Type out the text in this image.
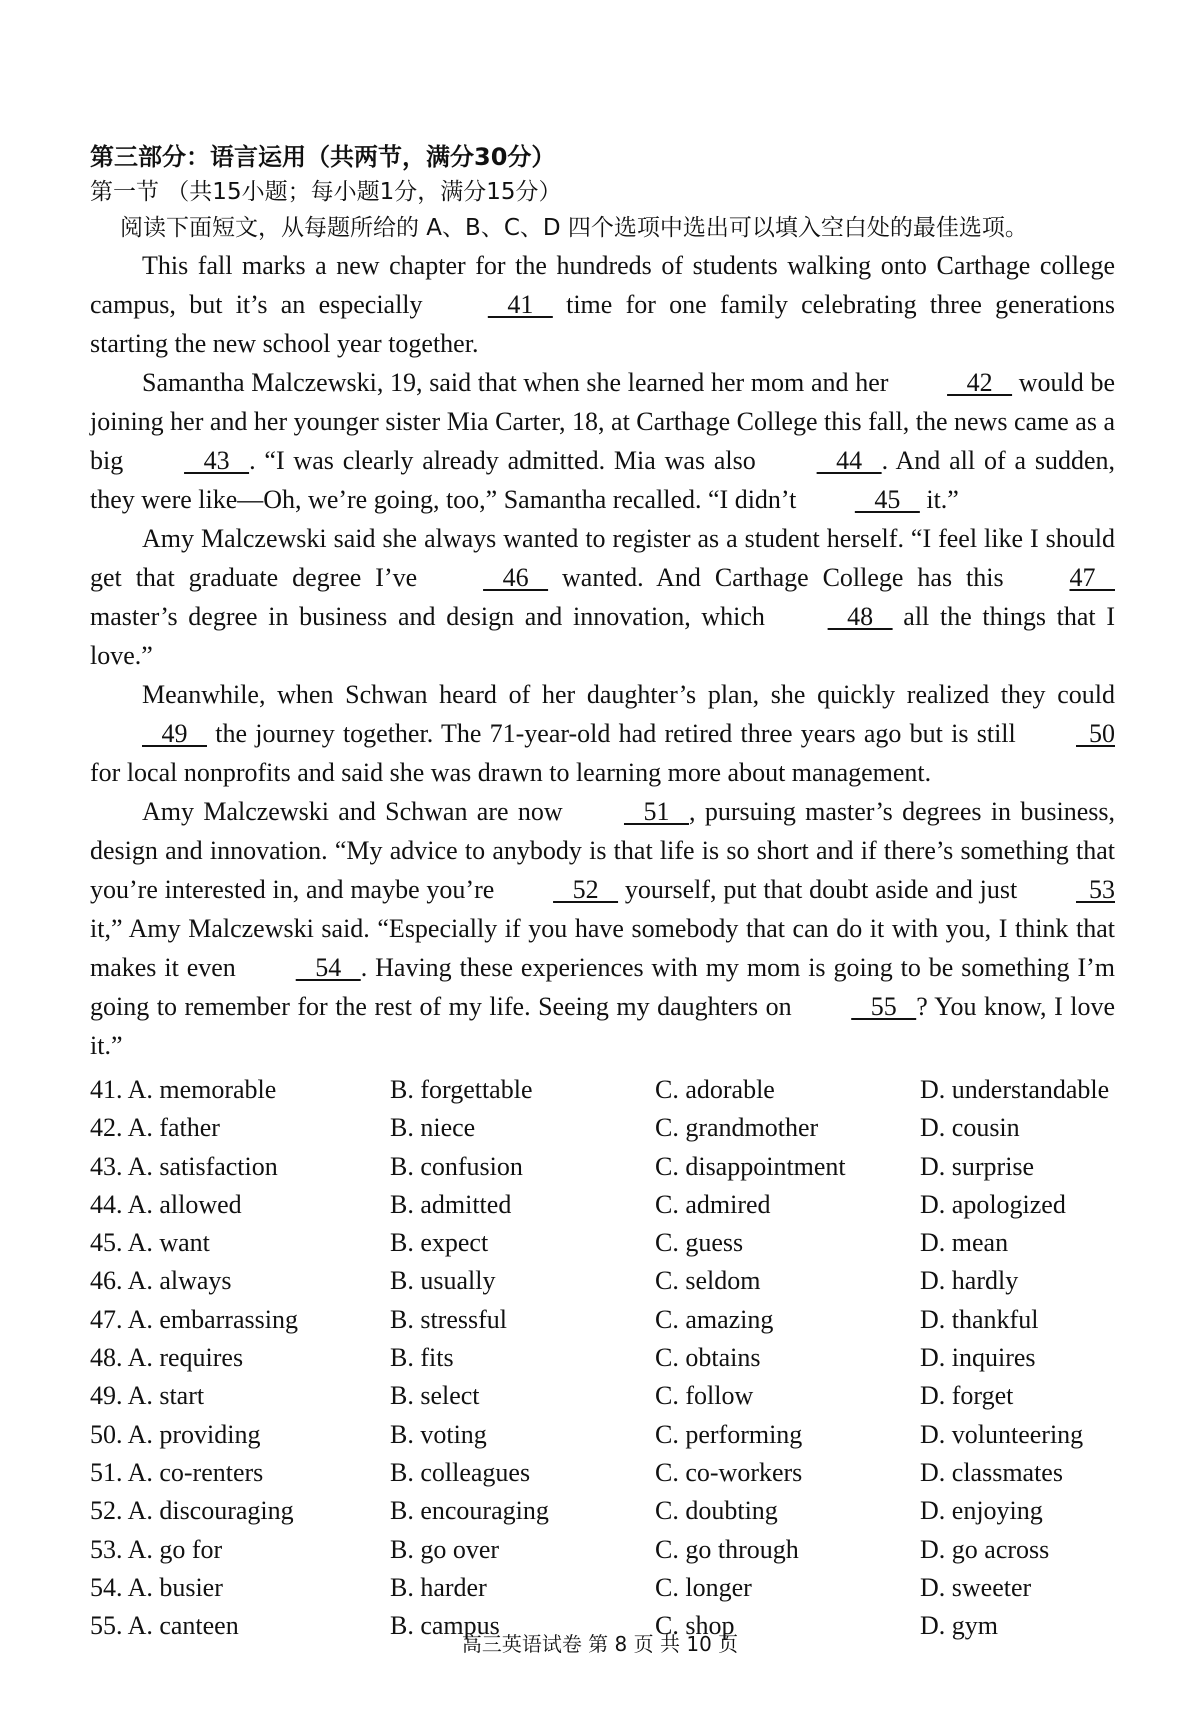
第三部分：语言运用（共两节，满分30分）
第一节 （共15小题；每小题1分，满分15分）
阅读下面短文，从每题所给的 A、B、C、D 四个选项中选出可以填入空白处的最佳选项。

This fall marks a new chapter for the hundreds of students walking onto Carthage college campus, but it’s an especially    41    time for one family celebrating three generations starting the new school year together.

Samantha Malczewski, 19, said that when she learned her mom and her    42    would be joining her and her younger sister Mia Carter, 18, at Carthage College this fall, the news came as a big    43   . “I was clearly already admitted. Mia was also    44   . And all of a sudden, they were like—Oh, we’re going, too,” Samantha recalled. “I didn’t    45    it.”

Amy Malczewski said she always wanted to register as a student herself. “I feel like I should get that graduate degree I’ve    46    wanted. And Carthage College has this 47    master’s degree in business and design and innovation, which    48    all the things that I love.”

Meanwhile, when Schwan heard of her daughter’s plan, she quickly realized they could    49    the journey together. The 71-year-old had retired three years ago but is still   50 for local nonprofits and said she was drawn to learning more about management.

Amy Malczewski and Schwan are now    51   , pursuing master’s degrees in business, design and innovation. “My advice to anybody is that life is so short and if there’s something that you’re interested in, and maybe you’re    52    yourself, put that doubt aside and just   53 it,” Amy Malczewski said. “Especially if you have somebody that can do it with you, I think that makes it even    54   . Having these experiences with my mom is going to be something I’m going to remember for the rest of my life. Seeing my daughters on    55   ? You know, I love it.”

41. A. memorable	B. forgettable	C. adorable	D. understandable
42. A. father	B. niece	C. grandmother	D. cousin
43. A. satisfaction	B. confusion	C. disappointment	D. surprise
44. A. allowed	B. admitted	C. admired	D. apologized
45. A. want	B. expect	C. guess	D. mean
46. A. always	B. usually	C. seldom	D. hardly
47. A. embarrassing	B. stressful	C. amazing	D. thankful
48. A. requires	B. fits	C. obtains	D. inquires
49. A. start	B. select	C. follow	D. forget
50. A. providing	B. voting	C. performing	D. volunteering
51. A. co-renters	B. colleagues	C. co-workers	D. classmates
52. A. discouraging	B. encouraging	C. doubting	D. enjoying
53. A. go for	B. go over	C. go through	D. go across
54. A. busier	B. harder	C. longer	D. sweeter
55. A. canteen	B. campus	C. shop	D. gym
高三英语试卷 第 8 页 共 10 页
